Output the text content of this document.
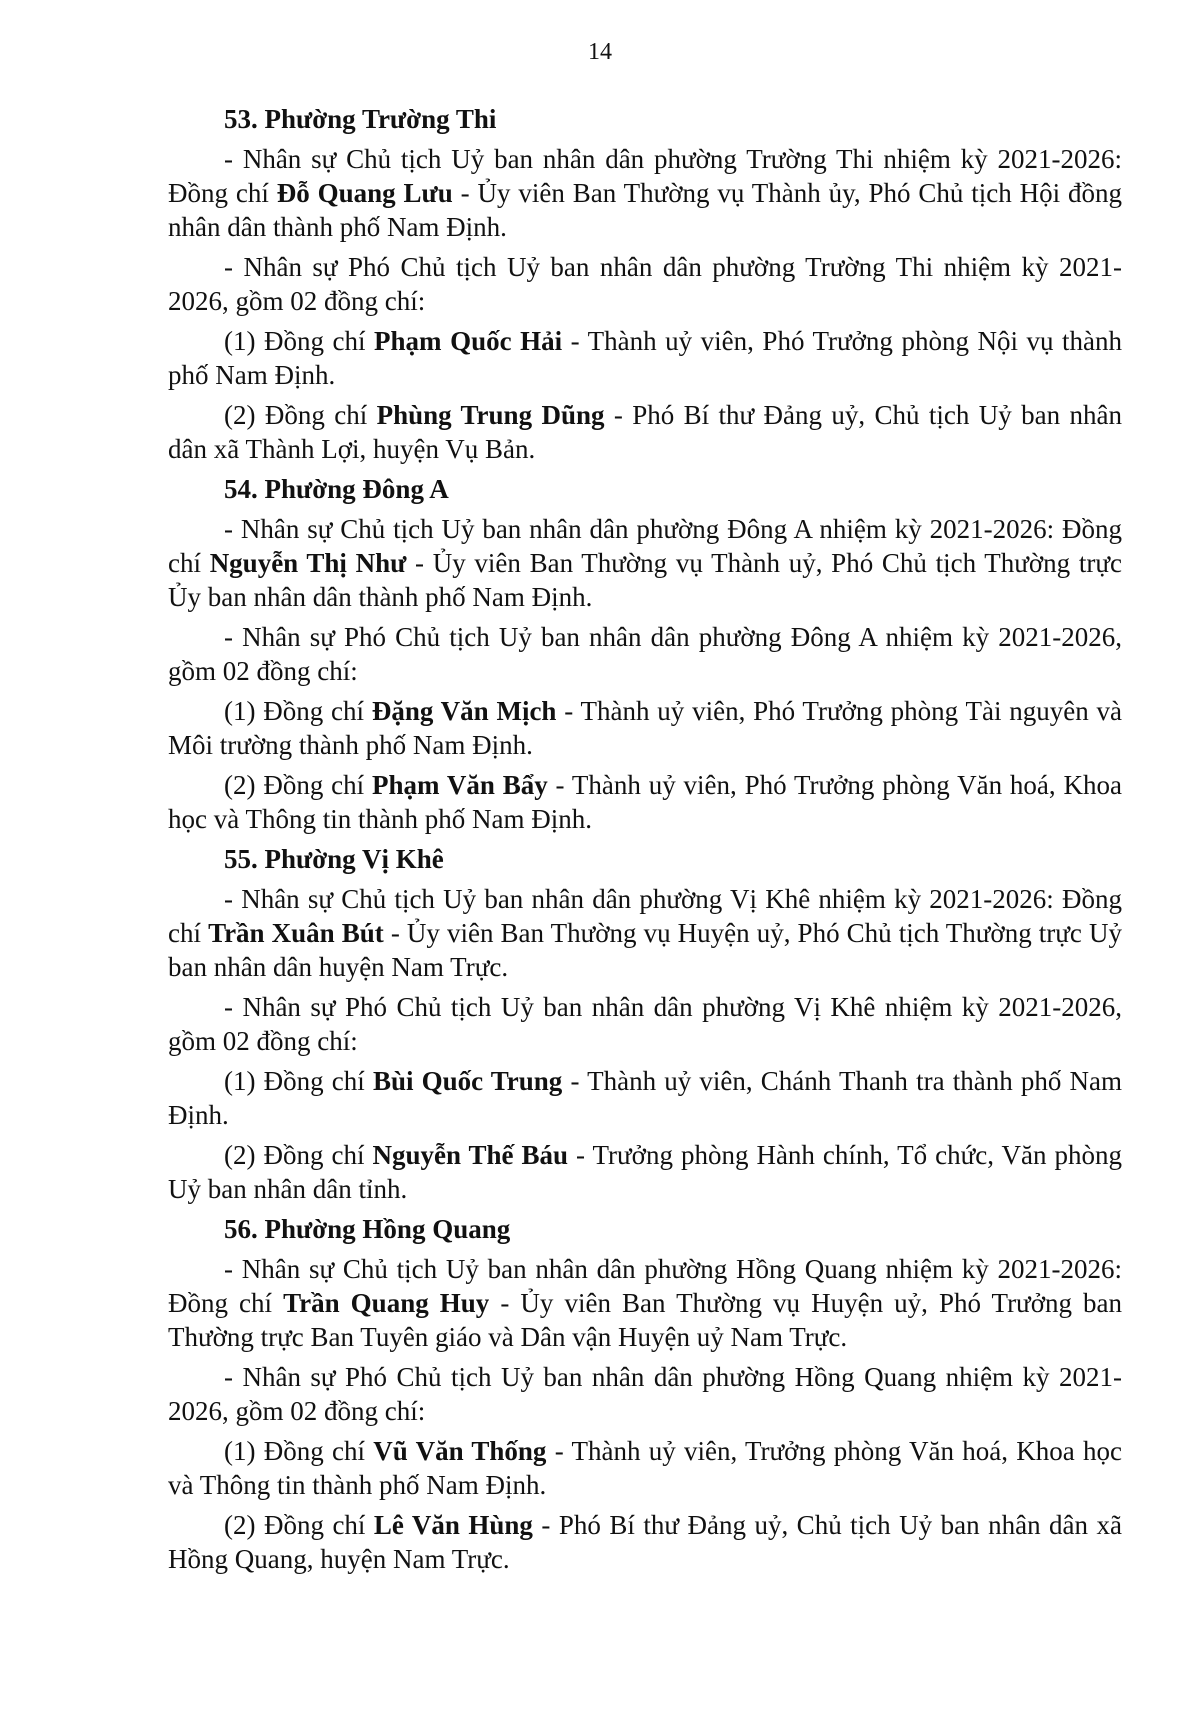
14
53. Phường Trường Thi

- Nhân sự Chủ tịch Uỷ ban nhân dân phường Trường Thi nhiệm kỳ 2021-2026: Đồng chí Đỗ Quang Lưu - Ủy viên Ban Thường vụ Thành ủy, Phó Chủ tịch Hội đồng nhân dân thành phố Nam Định.

- Nhân sự Phó Chủ tịch Uỷ ban nhân dân phường Trường Thi nhiệm kỳ 2021-2026, gồm 02 đồng chí:

(1) Đồng chí Phạm Quốc Hải - Thành uỷ viên, Phó Trưởng phòng Nội vụ thành phố Nam Định.

(2) Đồng chí Phùng Trung Dũng - Phó Bí thư Đảng uỷ, Chủ tịch Uỷ ban nhân dân xã Thành Lợi, huyện Vụ Bản.

54. Phường Đông A

- Nhân sự Chủ tịch Uỷ ban nhân dân phường Đông A nhiệm kỳ 2021-2026: Đồng chí Nguyễn Thị Như - Ủy viên Ban Thường vụ Thành uỷ, Phó Chủ tịch Thường trực Ủy ban nhân dân thành phố Nam Định.

- Nhân sự Phó Chủ tịch Uỷ ban nhân dân phường Đông A nhiệm kỳ 2021-2026, gồm 02 đồng chí:

(1) Đồng chí Đặng Văn Mịch - Thành uỷ viên, Phó Trưởng phòng Tài nguyên và Môi trường thành phố Nam Định.

(2) Đồng chí Phạm Văn Bẩy - Thành uỷ viên, Phó Trưởng phòng Văn hoá, Khoa học và Thông tin thành phố Nam Định.

55. Phường Vị Khê

- Nhân sự Chủ tịch Uỷ ban nhân dân phường Vị Khê nhiệm kỳ 2021-2026: Đồng chí Trần Xuân Bút - Ủy viên Ban Thường vụ Huyện uỷ, Phó Chủ tịch Thường trực Uỷ ban nhân dân huyện Nam Trực.

- Nhân sự Phó Chủ tịch Uỷ ban nhân dân phường Vị Khê nhiệm kỳ 2021-2026, gồm 02 đồng chí:

(1) Đồng chí Bùi Quốc Trung - Thành uỷ viên, Chánh Thanh tra thành phố Nam Định.

(2) Đồng chí Nguyễn Thế Báu - Trưởng phòng Hành chính, Tổ chức, Văn phòng Uỷ ban nhân dân tỉnh.

56. Phường Hồng Quang

- Nhân sự Chủ tịch Uỷ ban nhân dân phường Hồng Quang nhiệm kỳ 2021-2026: Đồng chí Trần Quang Huy - Ủy viên Ban Thường vụ Huyện uỷ, Phó Trưởng ban Thường trực Ban Tuyên giáo và Dân vận Huyện uỷ Nam Trực.

- Nhân sự Phó Chủ tịch Uỷ ban nhân dân phường Hồng Quang nhiệm kỳ 2021-2026, gồm 02 đồng chí:

(1) Đồng chí Vũ Văn Thống - Thành uỷ viên, Trưởng phòng Văn hoá, Khoa học và Thông tin thành phố Nam Định.

(2) Đồng chí Lê Văn Hùng - Phó Bí thư Đảng uỷ, Chủ tịch Uỷ ban nhân dân xã Hồng Quang, huyện Nam Trực.
